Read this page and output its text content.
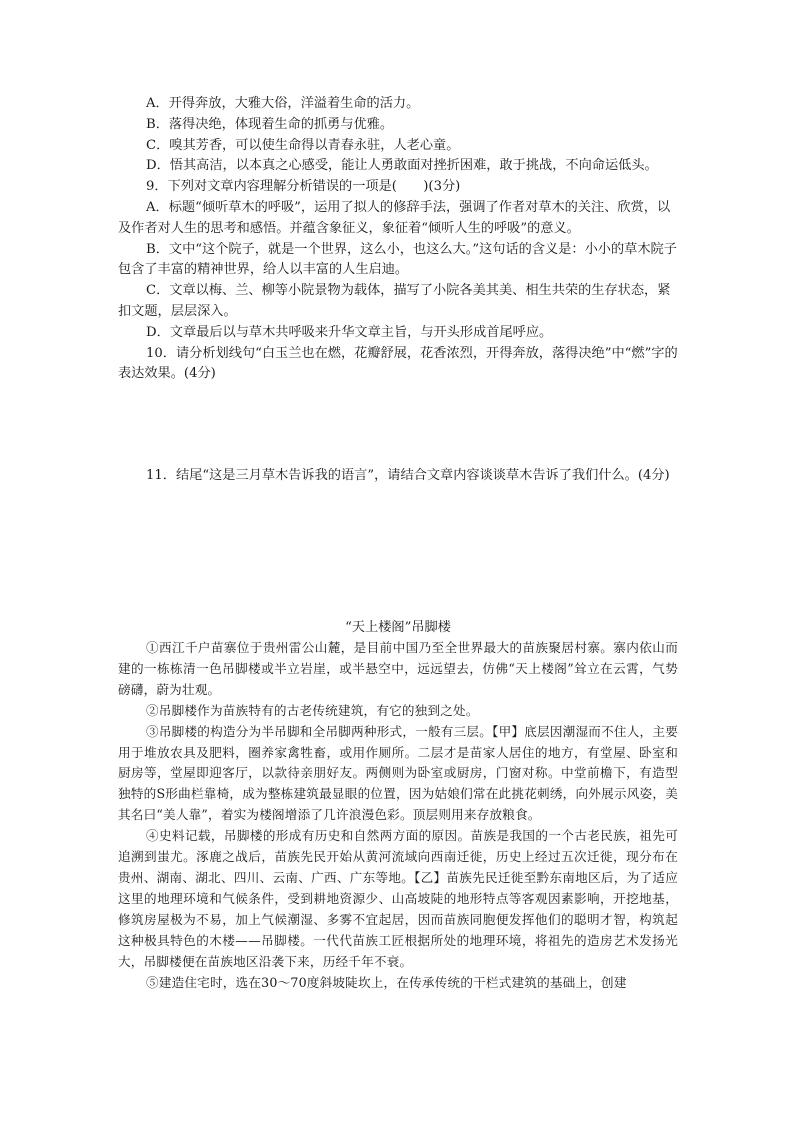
A．开得奔放，大雅大俗，洋溢着生命的活力。

B．落得决绝，体现着生命的抓勇与优雅。

C．嗅其芳香，可以使生命得以青春永驻，人老心童。

D．悟其高洁，以本真之心感受，能让人勇敢面对挫折困难，敢于挑战，不向命运低头。

9．下列对文章内容理解分析错误的一项是(　　)(3分)

A．标题“倾听草木的呼吸”，运用了拟人的修辞手法，强调了作者对草木的关注、欣赏，以及作者对人生的思考和感悟。并蕴含象征义，象征着“倾听人生的呼吸”的意义。

B．文中“这个院子，就是一个世界，这么小，也这么大。”这句话的含义是：小小的草木院子包含了丰富的精神世界，给人以丰富的人生启迪。

C．文章以梅、兰、柳等小院景物为载体，描写了小院各美其美、相生共荣的生存状态，紧扣文题，层层深入。

D．文章最后以与草木共呼吸来升华文章主旨，与开头形成首尾呼应。

10．请分析划线句“白玉兰也在燃，花瓣舒展，花香浓烈，开得奔放，落得决绝”中“燃”字的表达效果。(4分)

11．结尾“这是三月草木告诉我的语言”，请结合文章内容谈谈草木告诉了我们什么。(4分)

“天上楼阁”吊脚楼

①西江千户苗寨位于贵州雷公山麓，是目前中国乃至全世界最大的苗族聚居村寨。寨内依山而建的一栋栋清一色吊脚楼或半立岩崖，或半悬空中，远远望去，仿佛“天上楼阁”耸立在云霄，气势磅礴，蔚为壮观。

②吊脚楼作为苗族特有的古老传统建筑，有它的独到之处。

③吊脚楼的构造分为半吊脚和全吊脚两种形式，一般有三层。【甲】底层因潮湿而不住人，主要用于堆放农具及肥料，圈养家禽牲畜，或用作厕所。二层才是苗家人居住的地方，有堂屋、卧室和厨房等，堂屋即迎客厅，以款待亲朋好友。两侧则为卧室或厨房，门窗对称。中堂前檐下，有造型独特的S形曲栏靠椅，成为整栋建筑最显眼的位置，因为姑娘们常在此挑花刺绣，向外展示风姿，美其名曰“美人靠”，着实为楼阁增添了几许浪漫色彩。顶层则用来存放粮食。

④史料记载，吊脚楼的形成有历史和自然两方面的原因。苗族是我国的一个古老民族，祖先可追溯到蚩尤。涿鹿之战后，苗族先民开始从黄河流域向西南迁徙，历史上经过五次迁徙，现分布在贵州、湖南、湖北、四川、云南、广西、广东等地。【乙】苗族先民迁徙至黔东南地区后，为了适应这里的地理环境和气候条件，受到耕地资源少、山高坡陡的地形特点等客观因素影响，开挖地基，修筑房屋极为不易，加上气候潮湿、多雾不宜起居，因而苗族同胞便发挥他们的聪明才智，构筑起这种极具特色的木楼——吊脚楼。一代代苗族工匠根据所处的地理环境，将祖先的造房艺术发扬光大，吊脚楼便在苗族地区沿袭下来，历经千年不衰。

⑤建造住宅时，选在30～70度斜坡陡坎上，在传承传统的干栏式建筑的基础上，创建
